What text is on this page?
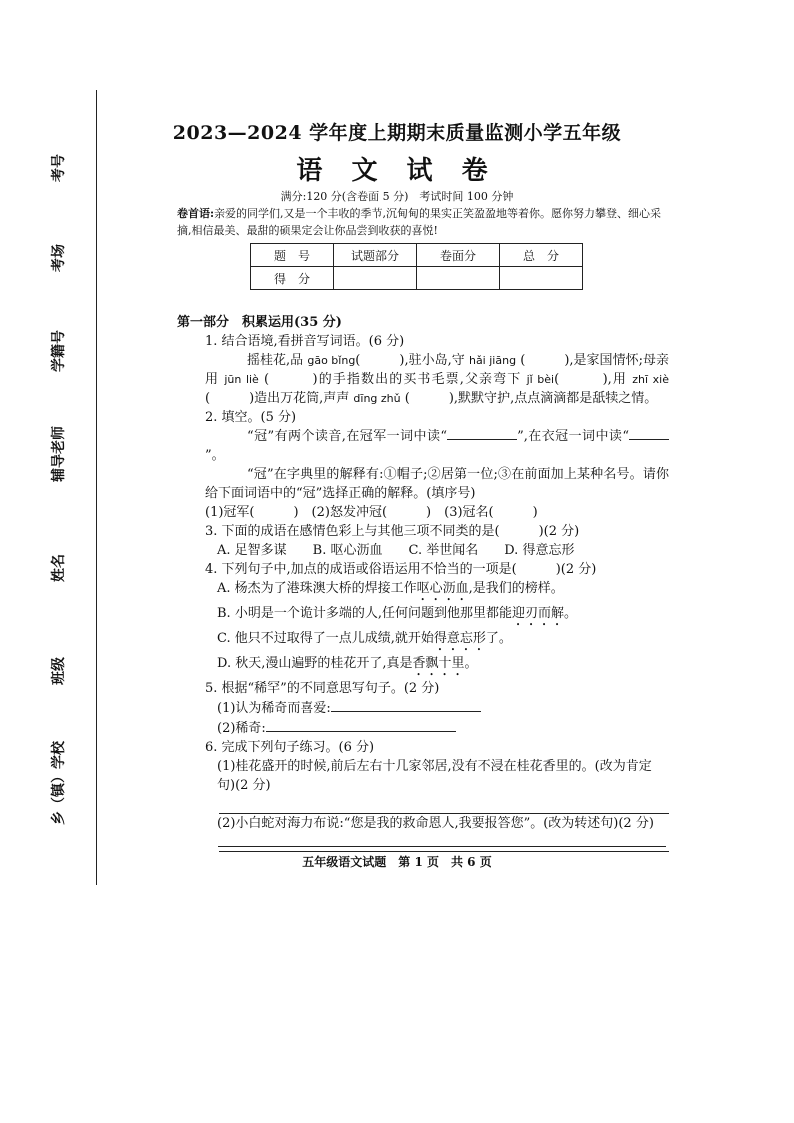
考号
考场
学籍号
辅导老师
姓名
班级
乡（镇）学校
2023—2024 学年度上期期末质量监测小学五年级
语 文 试 卷
满分:120 分(含卷面 5 分)　考试时间 100 分钟
卷首语:亲爱的同学们,又是一个丰收的季节,沉甸甸的果实正笑盈盈地等着你。愿你努力攀登、细心采摘,相信最美、最甜的硕果定会让你品尝到收获的喜悦!
题　号	试题部分	卷面分	总　分
得　分			
第一部分　积累运用(35 分)
1. 结合语境,看拼音写词语。(6 分)
摇桂花,品 gāo bǐng(　　　),驻小岛,守 hǎi jiāng (　　　),是家国情怀;母亲用 jūn liè (　　　)的手指数出的买书毛票,父亲弯下 jǐ bèi(　　　),用 zhī xiè (　　　)造出万花筒,声声 dīng zhǔ (　　　),默默守护,点点滴滴都是舐犊之情。
2. 填空。(5 分)
“冠”有两个读音,在冠军一词中读“	”,在衣冠一词中读“”。
“冠”在字典里的解释有:①帽子;②居第一位;③在前面加上某种名号。请你给下面词语中的“冠”选择正确的解释。(填序号)
(1)冠军(　　　)　(2)怒发冲冠(　　　)　(3)冠名(　　　)
3. 下面的成语在感情色彩上与其他三项不同类的是(　　　)(2 分)
A. 足智多谋　　B. 呕心沥血　　C. 举世闻名　　D. 得意忘形
4. 下列句子中,加点的成语或俗语运用不恰当的一项是(　　　)(2 分)
A. 杨杰为了港珠澳大桥的焊接工作呕心沥血,是我们的榜样。
B. 小明是一个诡计多端的人,任何问题到他那里都能迎刃而解。
C. 他只不过取得了一点儿成绩,就开始得意忘形了。
D. 秋天,漫山遍野的桂花开了,真是香飘十里。
5. 根据“稀罕”的不同意思写句子。(2 分)
(1)认为稀奇而喜爱:
(2)稀奇:
6. 完成下列句子练习。(6 分)
(1)桂花盛开的时候,前后左右十几家邻居,没有不浸在桂花香里的。(改为肯定句)(2 分)
(2)小白蛇对海力布说:“您是我的救命恩人,我要报答您”。(改为转述句)(2 分)
五年级语文试题　第 1 页　共 6 页
